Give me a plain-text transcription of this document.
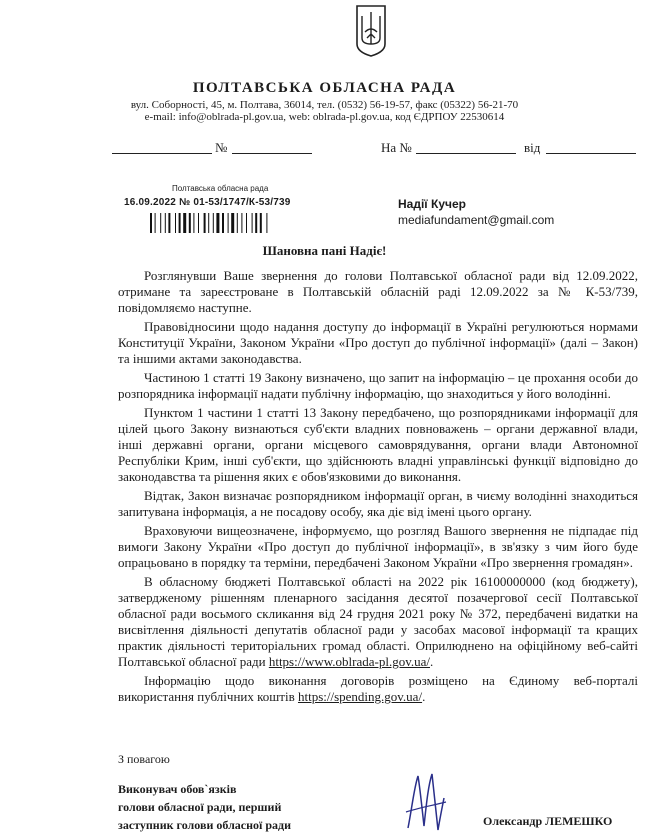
ПОЛТАВСЬКА ОБЛАСНА РАДА
вул. Соборності, 45, м. Полтава, 36014, тел. (0532) 56-19-57, факс (05322) 56-21-70
e-mail: info@oblrada-pl.gov.ua, web: oblrada-pl.gov.ua, код ЄДРПОУ 22530614
№	На №	від
Полтавська обласна рада
16.09.2022 № 01-53/1747/К-53/739	Надії Кучер
mediafundament@gmail.com
Шановна пані Надіє!

Розглянувши Ваше звернення до голови Полтавської обласної ради від 12.09.2022, отримане та зареєстроване в Полтавській обласній раді 12.09.2022 за № К-53/739, повідомляємо наступне.

Правовідносини щодо надання доступу до інформації в Україні регулюються нормами Конституції України, Законом України «Про доступ до публічної інформації» (далі – Закон) та іншими актами законодавства.

Частиною 1 статті 19 Закону визначено, що запит на інформацію – це прохання особи до розпорядника інформації надати публічну інформацію, що знаходиться у його володінні.

Пунктом 1 частини 1 статті 13 Закону передбачено, що розпорядниками інформації для цілей цього Закону визнаються суб'єкти владних повноважень – органи державної влади, інші державні органи, органи місцевого самоврядування, органи влади Автономної Республіки Крим, інші суб'єкти, що здійснюють владні управлінські функції відповідно до законодавства та рішення яких є обов'язковими до виконання.

Відтак, Закон визначає розпорядником інформації орган, в чиєму володінні знаходиться запитувана інформація, а не посадову особу, яка діє від імені цього органу.

Враховуючи вищеозначене, інформуємо, що розгляд Вашого звернення не підпадає під вимоги Закону України «Про доступ до публічної інформації», в зв'язку з чим його буде опрацьовано в порядку та терміни, передбачені Законом України «Про звернення громадян».

В обласному бюджеті Полтавської області на 2022 рік 16100000000 (код бюджету), затвердженому рішенням пленарного засідання десятої позачергової сесії Полтавської обласної ради восьмого скликання від 24 грудня 2021 року № 372, передбачені видатки на висвітлення діяльності депутатів обласної ради у засобах масової інформації та кращих практик діяльності територіальних громад області. Оприлюднено на офіційному веб-сайті Полтавської обласної ради https://www.oblrada-pl.gov.ua/.

Інформацію щодо виконання договорів розміщено на Єдиному веб-порталі використання публічних коштів https://spending.gov.ua/.

З повагою
Виконувач обов`язків
голови обласної ради, перший
заступник голови обласної ради	Олександр ЛЕМЕШКО
